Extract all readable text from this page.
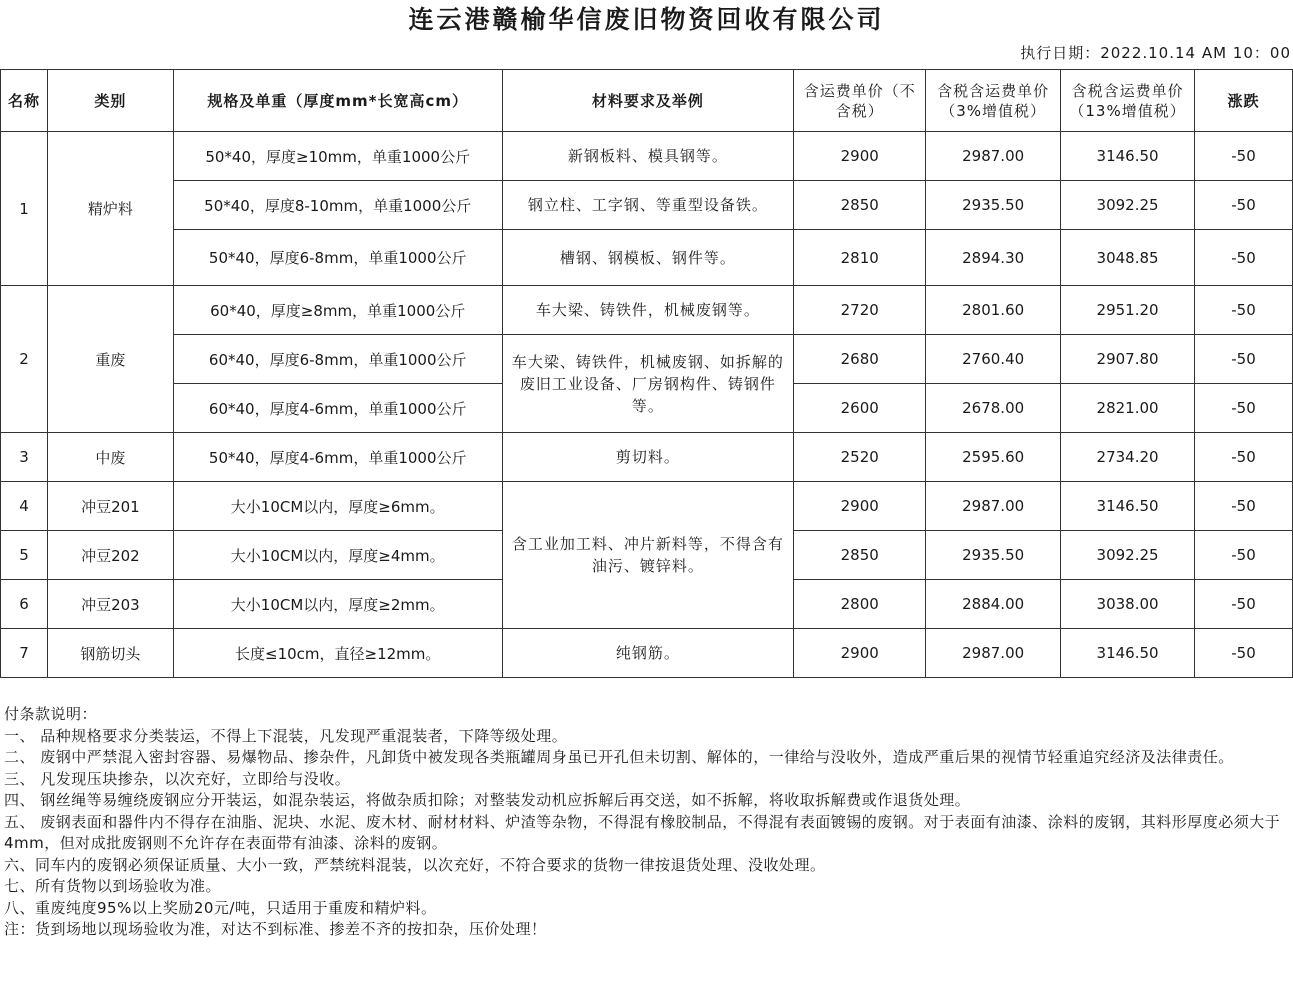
连云港赣榆华信废旧物资回收有限公司
执行日期：2022.10.14 AM 10：00
名称	类别	规格及单重（厚度mm*长宽高cm）	材料要求及举例	含运费单价（不含税）	含税含运费单价（3%增值税）	含税含运费单价（13%增值税）	涨跌
1	精炉料	50*40，厚度≥10mm，单重1000公斤	新钢板料、模具钢等。	2900	2987.00	3146.50	-50
		50*40，厚度8-10mm，单重1000公斤	钢立柱、工字钢、等重型设备铁。	2850	2935.50	3092.25	-50
		50*40，厚度6-8mm，单重1000公斤	槽钢、钢模板、钢件等。	2810	2894.30	3048.85	-50
2	重废	60*40，厚度≥8mm，单重1000公斤	车大梁、铸铁件，机械废钢等。	2720	2801.60	2951.20	-50
		60*40，厚度6-8mm，单重1000公斤	车大梁、铸铁件，机械废钢、如拆解的废旧工业设备、厂房钢构件、铸钢件等。	2680	2760.40	2907.80	-50
		60*40，厚度4-6mm，单重1000公斤		2600	2678.00	2821.00	-50
3	中废	50*40，厚度4-6mm，单重1000公斤	剪切料。	2520	2595.60	2734.20	-50
4	冲豆201	大小10CM以内，厚度≥6mm。	含工业加工料、冲片新料等，不得含有油污、镀锌料。	2900	2987.00	3146.50	-50
5	冲豆202	大小10CM以内，厚度≥4mm。		2850	2935.50	3092.25	-50
6	冲豆203	大小10CM以内，厚度≥2mm。		2800	2884.00	3038.00	-50
7	钢筋切头	长度≤10cm，直径≥12mm。	纯钢筋。	2900	2987.00	3146.50	-50
付条款说明：
一、 品种规格要求分类装运，不得上下混装，凡发现严重混装者，下降等级处理。
二、 废钢中严禁混入密封容器、易爆物品、掺杂件，凡卸货中被发现各类瓶罐周身虽已开孔但未切割、解体的，一律给与没收外，造成严重后果的视情节轻重追究经济及法律责任。
三、 凡发现压块掺杂，以次充好，立即给与没收。
四、 钢丝绳等易缠绕废钢应分开装运，如混杂装运，将做杂质扣除；对整装发动机应拆解后再交送，如不拆解，将收取拆解费或作退货处理。
五、 废钢表面和器件内不得存在油脂、泥块、水泥、废木材、耐材材料、炉渣等杂物，不得混有橡胶制品，不得混有表面镀锡的废钢。对于表面有油漆、涂料的废钢，其料形厚度必须大于4mm，但对成批废钢则不允许存在表面带有油漆、涂料的废钢。
六、同车内的废钢必须保证质量、大小一致，严禁统料混装，以次充好，不符合要求的货物一律按退货处理、没收处理。
七、所有货物以到场验收为准。
八、重废纯度95%以上奖励20元/吨，只适用于重废和精炉料。
注：货到场地以现场验收为准，对达不到标准、掺差不齐的按扣杂，压价处理！
